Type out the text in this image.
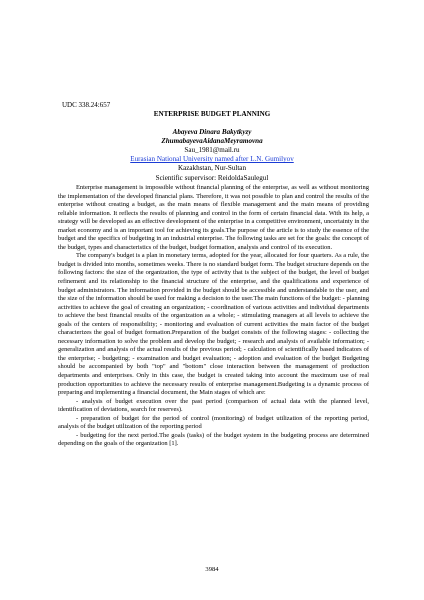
UDC 338.24:657
ENTERPRISE BUDGET PLANNING
Abayeva Dinara Bakytkyzy
ZhumabayevaAidanaMeyramovna
Sau_1981@mail.ru
Eurasian National University named after L.N. Gumilyov
Kazakhstan, Nur-Sultan
Scientific supervisor: ReidoldaSaulegul

Enterprise management is impossible without financial planning of the enterprise, as well as without monitoring the implementation of the developed financial plans. Therefore, it was not possible to plan and control the results of the enterprise without creating a budget, as the main means of flexible management and the main means of providing reliable information. It reflects the results of planning and control in the form of certain financial data. With its help, a strategy will be developed as an effective development of the enterprise in a competitive environment, uncertainty in the market economy and is an important tool for achieving its goals.The purpose of the article is to study the essence of the budget and the specifics of budgeting in an industrial enterprise. The following tasks are set for the goals: the concept of the budget, types and characteristics of the budget, budget formation, analysis and control of its execution.

The company's budget is a plan in monetary terms, adopted for the year, allocated for four quarters. As a rule, the budget is divided into months, sometimes weeks. There is no standard budget form. The budget structure depends on the following factors: the size of the organization, the type of activity that is the subject of the budget, the level of budget refinement and its relationship to the financial structure of the enterprise, and the qualifications and experience of budget administrators. The information provided in the budget should be accessible and understandable to the user, and the size of the information should be used for making a decision to the user.The main functions of the budget: - planning activities to achieve the goal of creating an organization; - coordination of various activities and individual departments to achieve the best financial results of the organization as a whole; - stimulating managers at all levels to achieve the goals of the centers of responsibility; - monitoring and evaluation of current activities the main factor of the budget characterizes the goal of budget formation.Preparation of the budget consists of the following stages: - collecting the necessary information to solve the problem and develop the budget; - research and analysis of available information; - generalization and analysis of the actual results of the previous period; - calculation of scientifically based indicators of the enterprise; - budgeting; - examination and budget evaluation; - adoption and evaluation of the budget Budgeting should be accompanied by both "top" and "bottom" close interaction between the management of production departments and enterprises. Only in this case, the budget is created taking into account the maximum use of real production opportunities to achieve the necessary results of enterprise management.Budgeting is a dynamic process of preparing and implementing a financial document, the Main stages of which are:

- analysis of budget execution over the past period (comparison of actual data with the planned level, identification of deviations, search for reserves).

- preparation of budget for the period of control (monitoring) of budget utilization of the reporting period, analysis of the budget utilization of the reporting period

- budgeting for the next period.The goals (tasks) of the budget system in the budgeting process are determined depending on the goals of the organization [1].

3984
